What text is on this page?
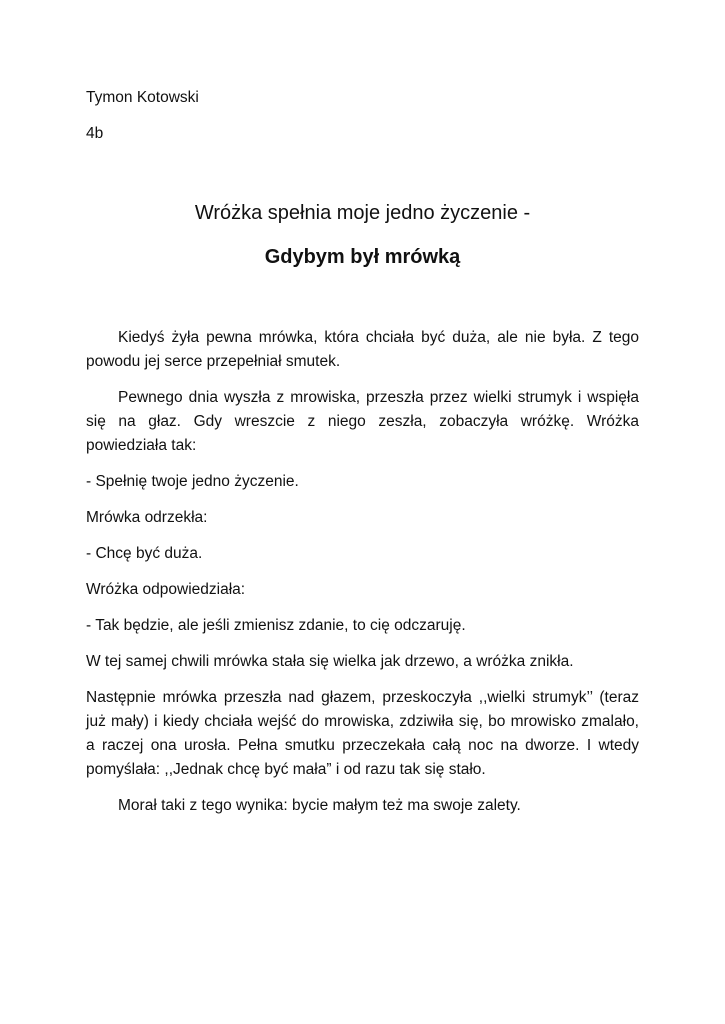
Tymon Kotowski
4b
Wróżka spełnia moje jedno życzenie -
Gdybym był mrówką

Kiedyś żyła pewna mrówka, która chciała być duża, ale nie była. Z tego powodu jej serce przepełniał smutek.

Pewnego dnia wyszła z mrowiska, przeszła przez wielki strumyk i wspięła się na głaz. Gdy wreszcie z niego zeszła, zobaczyła wróżkę. Wróżka powiedziała tak:

- Spełnię twoje jedno życzenie.

Mrówka odrzekła:

- Chcę być duża.

Wróżka odpowiedziała:

- Tak będzie, ale jeśli zmienisz zdanie, to cię odczaruję.

W tej samej chwili mrówka stała się wielka jak drzewo, a wróżka znikła.

Następnie mrówka przeszła nad głazem, przeskoczyła ,,wielki strumyk’’ (teraz już mały) i kiedy chciała wejść do mrowiska, zdziwiła się, bo mrowisko zmalało, a raczej ona urosła. Pełna smutku przeczekała całą noc na dworze. I wtedy pomyślała: ,,Jednak chcę być mała” i od razu tak się stało.

Morał taki z tego wynika: bycie małym też ma swoje zalety.
